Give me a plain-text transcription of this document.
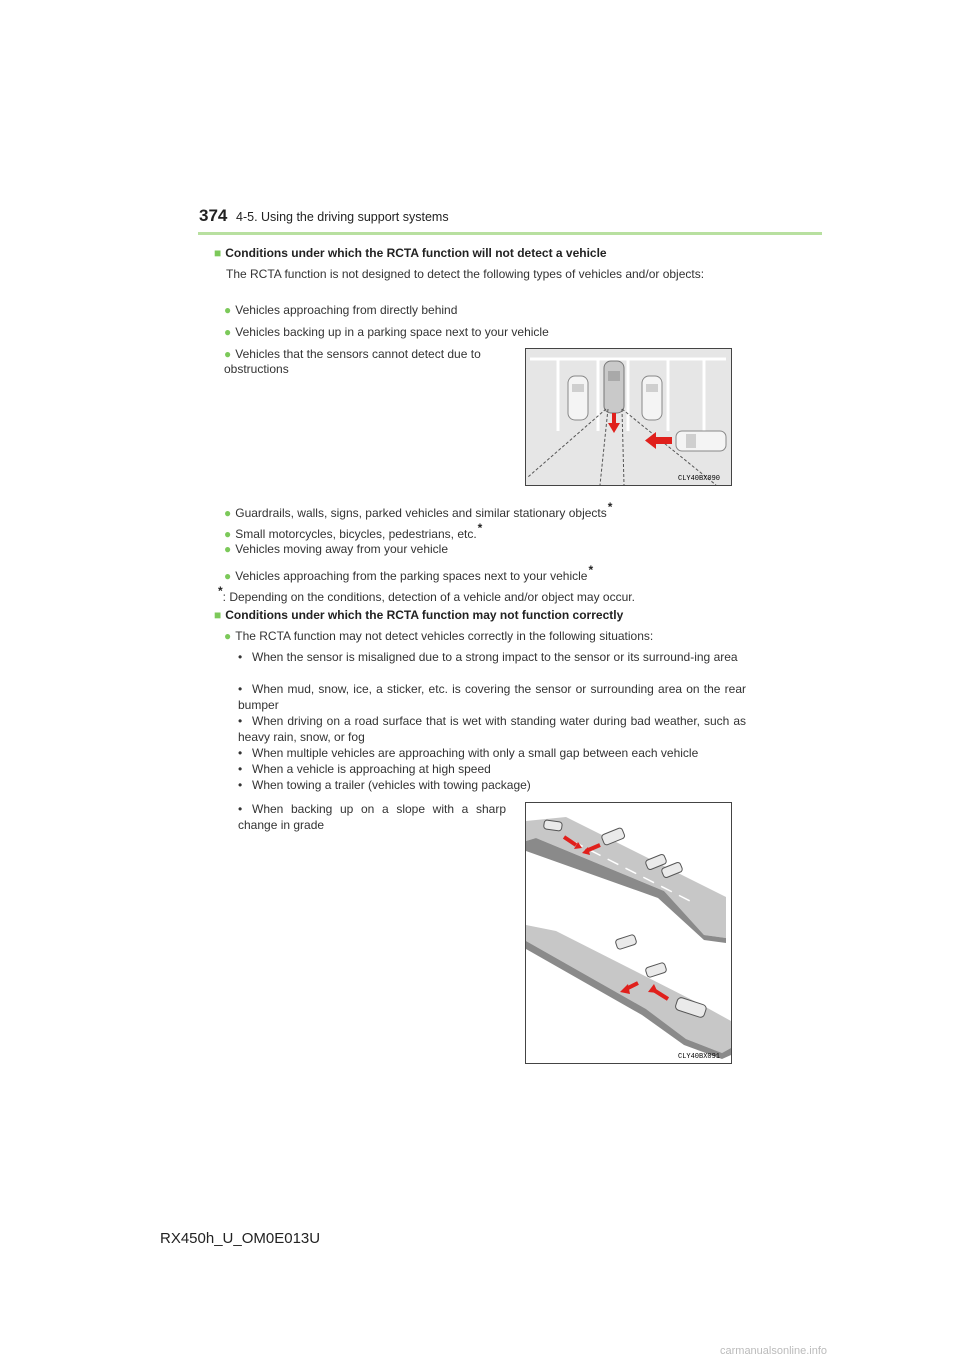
374 4-5. Using the driving support systems
■ Conditions under which the RCTA function will not detect a vehicle
The RCTA function is not designed to detect the following types of vehicles and/or objects:
● Vehicles approaching from directly behind
● Vehicles backing up in a parking space next to your vehicle
● Vehicles that the sensors cannot detect due to obstructions
CLY40BX090
● Guardrails, walls, signs, parked vehicles and similar stationary objects*
● Small motorcycles, bicycles, pedestrians, etc.*
● Vehicles moving away from your vehicle
● Vehicles approaching from the parking spaces next to your vehicle*
*: Depending on the conditions, detection of a vehicle and/or object may occur.
■ Conditions under which the RCTA function may not function correctly
● The RCTA function may not detect vehicles correctly in the following situations:
• When the sensor is misaligned due to a strong impact to the sensor or its surround-ing area
• When mud, snow, ice, a sticker, etc. is covering the sensor or surrounding area on the rear bumper
• When driving on a road surface that is wet with standing water during bad weather, such as heavy rain, snow, or fog
• When multiple vehicles are approaching with only a small gap between each vehicle
• When a vehicle is approaching at high speed
• When towing a trailer (vehicles with towing package)
• When backing up on a slope with a sharp change in grade
CLY40BX091
RX450h_U_OM0E013U
carmanualsonline.info
